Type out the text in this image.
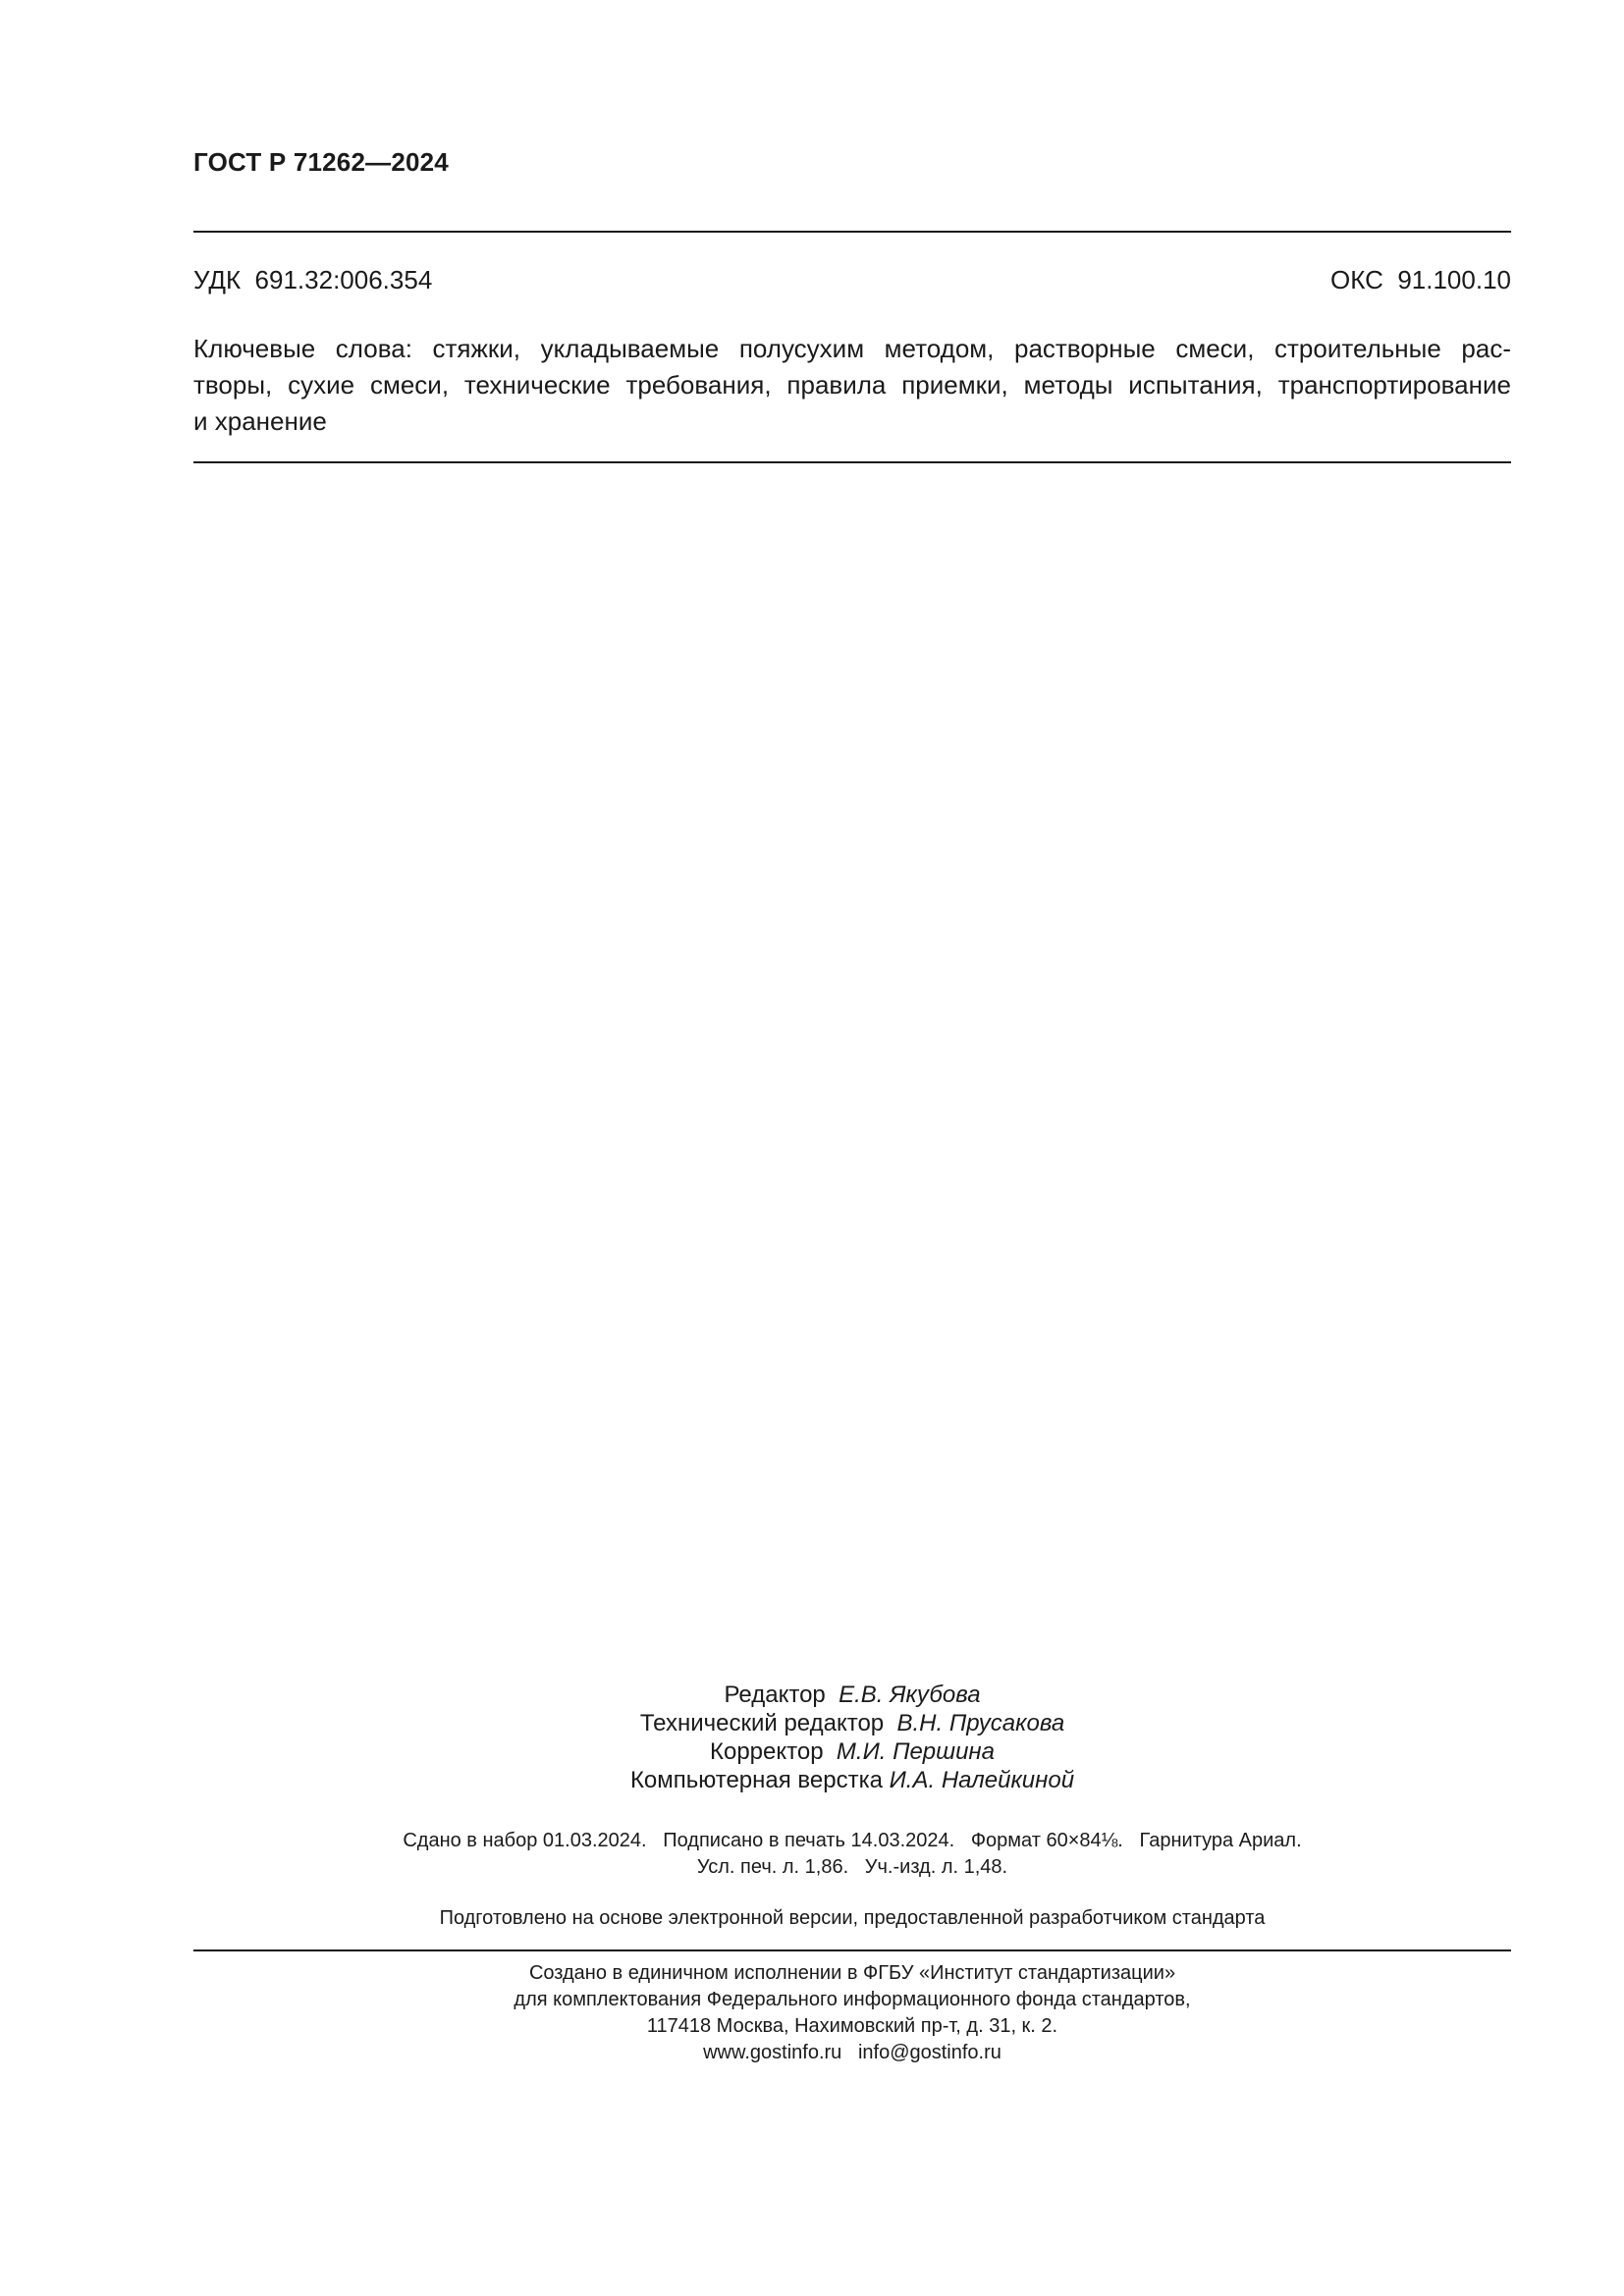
ГОСТ Р 71262—2024
УДК  691.32:006.354	ОКС  91.100.10
Ключевые слова: стяжки, укладываемые полусухим методом, растворные смеси, строительные рас-
творы, сухие смеси, технические требования, правила приемки, методы испытания, транспортирование
и хранение
Редактор Е.В. Якубова
Технический редактор В.Н. Прусакова
Корректор М.И. Першина
Компьютерная верстка И.А. Налейкиной
Сдано в набор 01.03.2024.   Подписано в печать 14.03.2024.   Формат 60×84⅛.   Гарнитура Ариал.
Усл. печ. л. 1,86.   Уч.-изд. л. 1,48.
Подготовлено на основе электронной версии, предоставленной разработчиком стандарта
Создано в единичном исполнении в ФГБУ «Институт стандартизации»
для комплектования Федерального информационного фонда стандартов,
117418 Москва, Нахимовский пр-т, д. 31, к. 2.
www.gostinfo.ru   info@gostinfo.ru
